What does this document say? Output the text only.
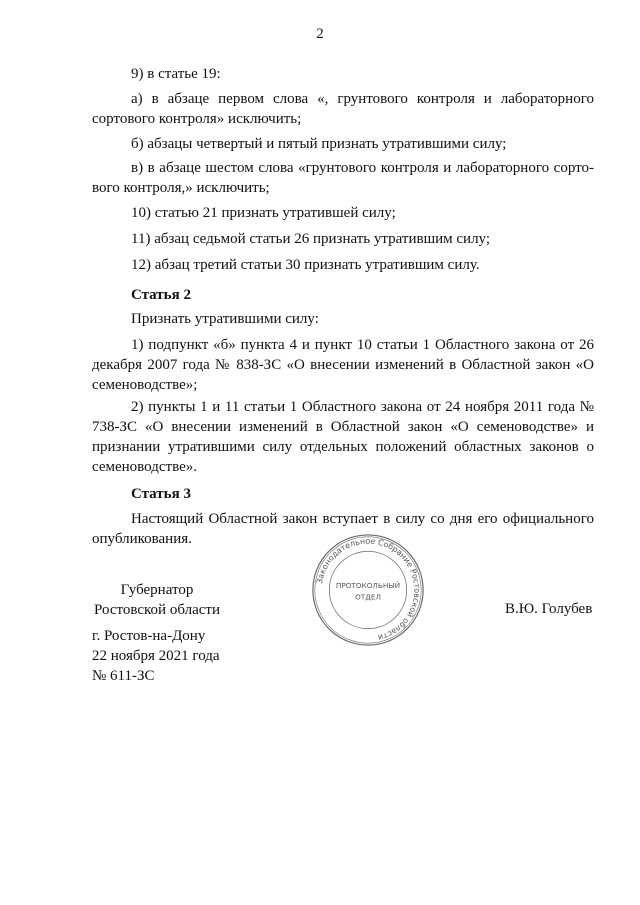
2

9) в статье 19:

а) в абзаце первом слова «, грунтового контроля и лабораторного сортового контроля» исключить;

б) абзацы четвертый и пятый признать утратившими силу;

в) в абзаце шестом слова «грунтового контроля и лабораторного сорто-вого контроля,» исключить;

10) статью 21 признать утратившей силу;

11) абзац седьмой статьи 26 признать утратившим силу;

12) абзац третий статьи 30 признать утратившим силу.

Статья 2

Признать утратившими силу:

1) подпункт «б» пункта 4 и пункт 10 статьи 1 Областного закона от 26 декабря 2007 года № 838-ЗС «О внесении изменений в Областной закон «О семеноводстве»;

2) пункты 1 и 11 статьи 1 Областного закона от 24 ноября 2011 года № 738-ЗС «О внесении изменений в Областной закон «О семеноводстве» и признании утратившими силу отдельных положений областных законов о семеноводстве».

Статья 3

Настоящий Областной закон вступает в силу со дня его официального опубликования.

Губернатор
Ростовской области	В.Ю. Голубев
г. Ростов-на-Дону
22 ноября 2021 года
№ 611-ЗС
Законодательное Собрание Ростовской области
ПРОТОКОЛЬНЫЙ
ОТДЕЛ
